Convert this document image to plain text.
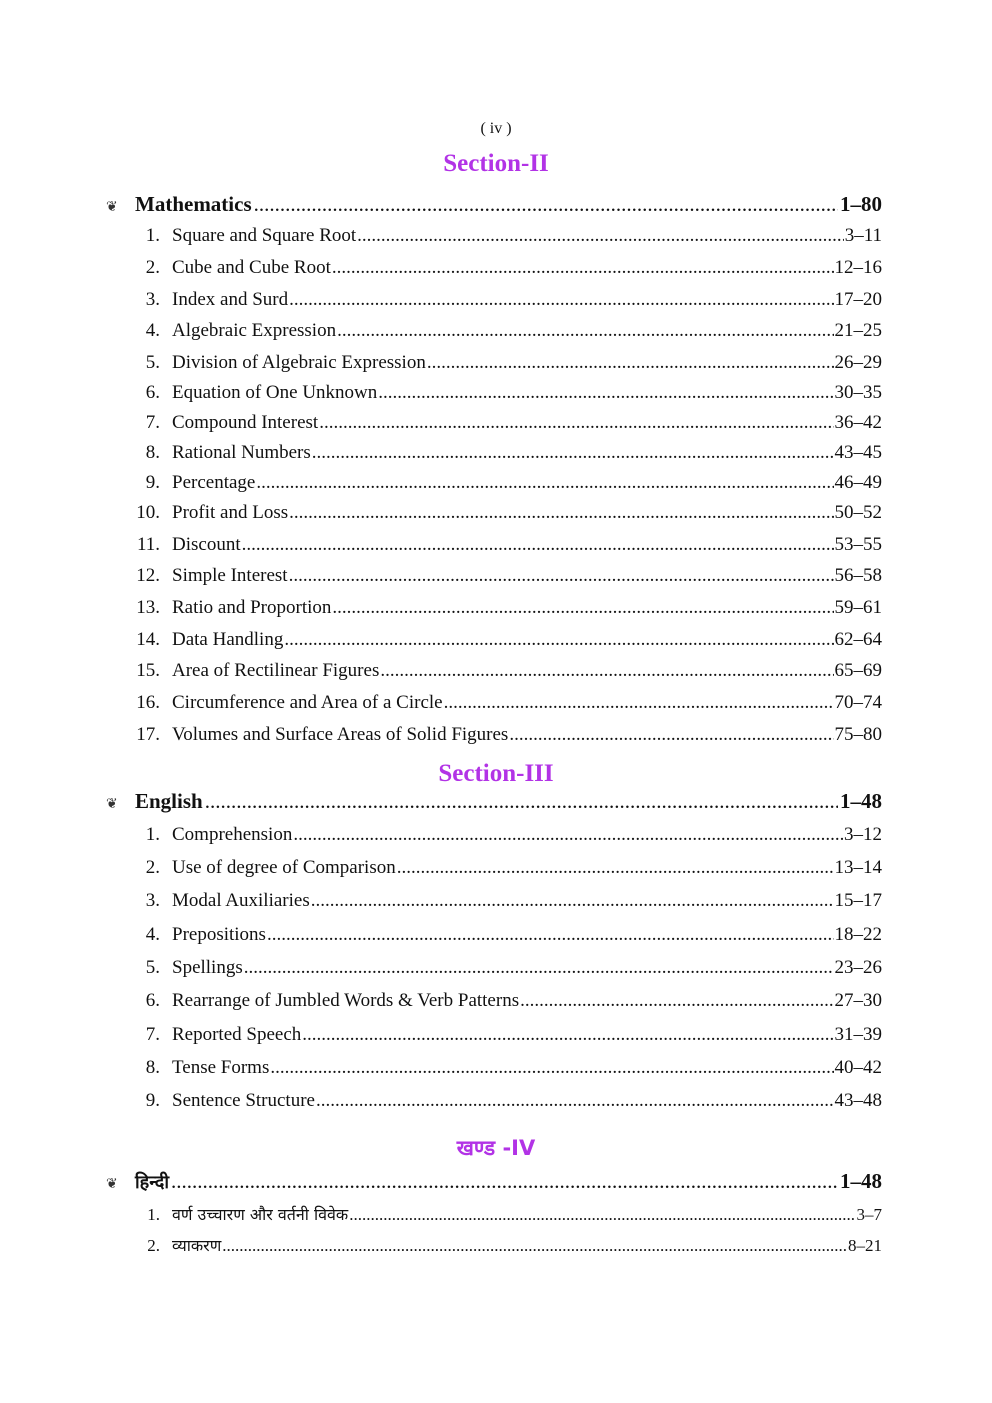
( iv )
Section-II
❦ Mathematics .....	1–80
1. Square and Square Root .....	3–11
2. Cube and Cube Root .....	12–16
3. Index and Surd .....	17–20
4. Algebraic Expression .....	21–25
5. Division of Algebraic Expression .....	26–29
6. Equation of One Unknown .....	30–35
7. Compound Interest .....	36–42
8. Rational Numbers .....	43–45
9. Percentage .....	46–49
10. Profit and Loss .....	50–52
11. Discount .....	53–55
12. Simple Interest .....	56–58
13. Ratio and Proportion .....	59–61
14. Data Handling .....	62–64
15. Area of Rectilinear Figures .....	65–69
16. Circumference and Area of a Circle .....	70–74
17. Volumes and Surface Areas of Solid Figures .....	75–80
Section-III
❦ English .....	1–48
1. Comprehension .....	3–12
2. Use of degree of Comparison .....	13–14
3. Modal Auxiliaries .....	15–17
4. Prepositions .....	18–22
5. Spellings .....	23–26
6. Rearrange of Jumbled Words & Verb Patterns .....	27–30
7. Reported Speech .....	31–39
8. Tense Forms .....	40–42
9. Sentence Structure .....	43–48
खण्ड -IV
❦ हिन्दी .....	1–48
1. वर्ण उच्चारण और वर्तनी विवेक .....	3–7
2. व्याकरण .....	8–21
